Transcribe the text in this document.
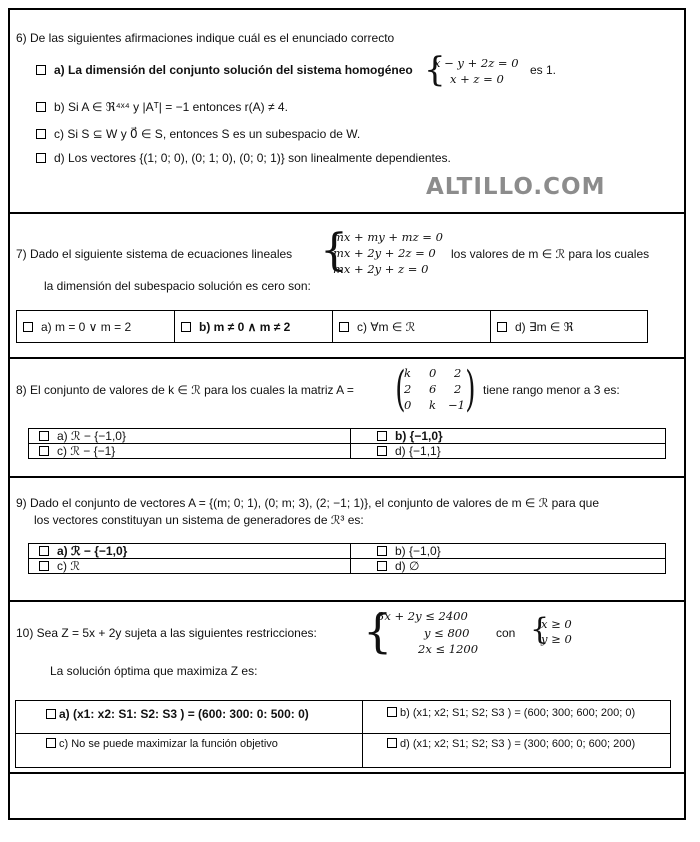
6) De las siguientes afirmaciones indique cuál es el enunciado correcto
a) La dimensión del conjunto solución del sistema homogéneo {
x − y + 2z = 0
x + z = 0
es 1.
b) Si A ∈ ℜ⁴ˣ⁴ y |Aᵀ| = −1 entonces r(A) ≠ 4.
c) Si S ⊆ W y 0⃗ ∈ S, entonces S es un subespacio de W.
d) Los vectores {(1; 0; 0), (0; 1; 0), (0; 0; 1)} son linealmente dependientes.
ALTILLO.COM
7) Dado el siguiente sistema de ecuaciones lineales {
mx + my + mz = 0
mx + 2y + 2z = 0
mx + 2y + z = 0
los valores de m ∈ ℛ para los cuales
la dimensión del subespacio solución es cero son:
a) m = 0 ∨ m = 2	b) m ≠ 0 ∧ m ≠ 2	c) ∀m ∈ ℛ	d) ∃m ∈ ℜ
8) El conjunto de valores de k ∈ ℛ para los cuales la matriz A = (
k 0 2
2 6 2
0 k −1 ) tiene rango menor a 3 es:
a) ℛ − {−1,0}	b) {−1,0}
c) ℛ − {−1}	d) {−1,1}
9) Dado el conjunto de vectores A = {(m; 0; 1), (0; m; 3), (2; −1; 1)}, el conjunto de valores de m ∈ ℛ para que
los vectores constituyan un sistema de generadores de ℛ³ es:
a) ℛ − {−1,0}	b) {−1,0}
c) ℛ	d) ∅
10) Sea Z = 5x + 2y sujeta a las siguientes restricciones: {
3x + 2y ≤ 2400
y ≤ 800
2x ≤ 1200
con {
x ≥ 0
y ≥ 0
La solución óptima que maximiza Z es:
a) (x1: x2: S1: S2: S3 ) = (600: 300: 0: 500: 0)	b) (x1; x2; S1; S2; S3 ) = (600; 300; 600; 200; 0)
c) No se puede maximizar la función objetivo	d) (x1; x2; S1; S2; S3 ) = (300; 600; 0; 600; 200)
